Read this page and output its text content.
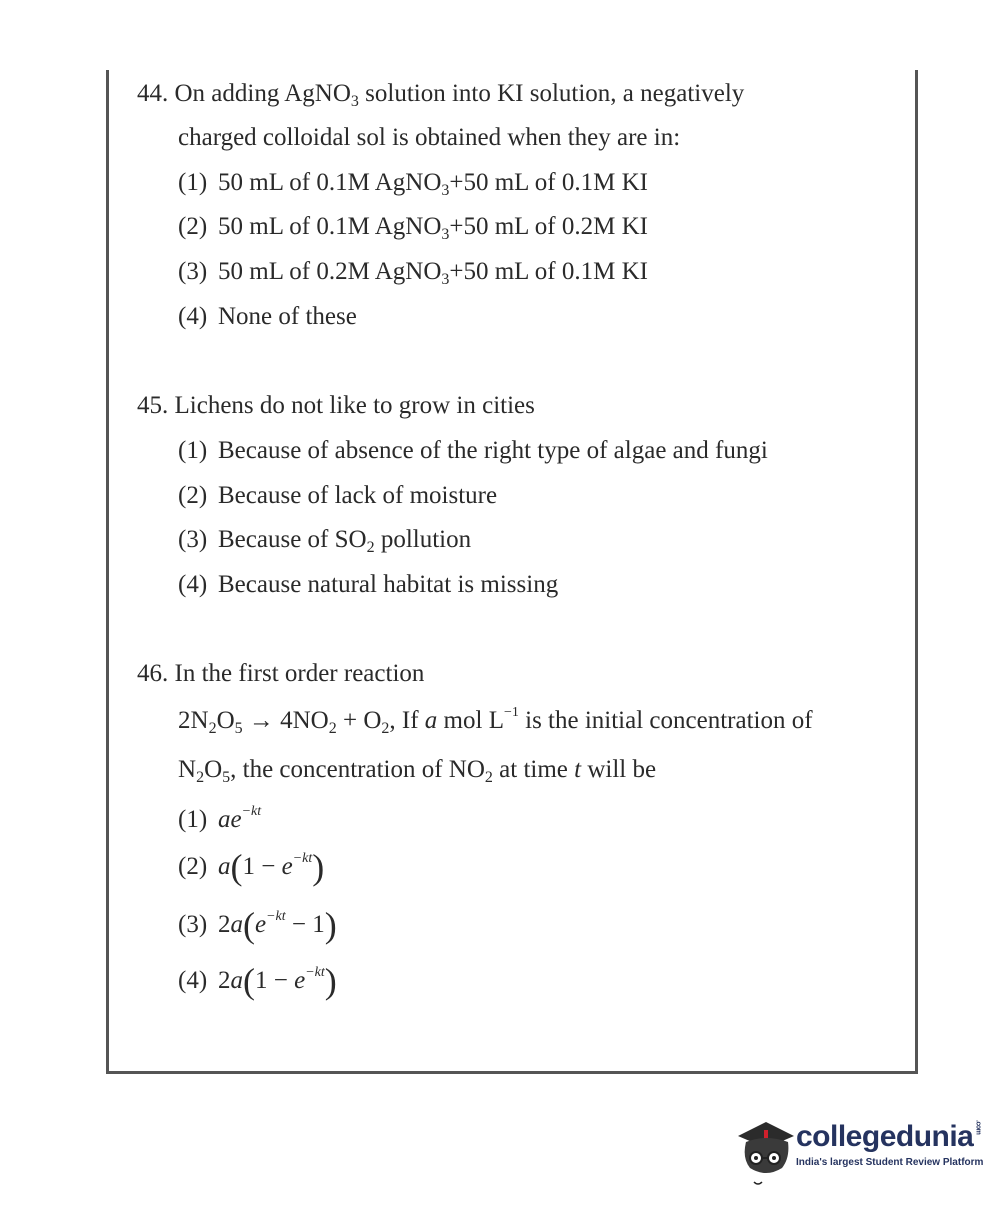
44. On adding AgNO$_3$ solution into KI solution, a negatively
charged colloidal sol is obtained when they are in:
(1) 50 mL of 0.1M AgNO$_3$+50 mL of 0.1M KI
(2) 50 mL of 0.1M AgNO$_3$+50 mL of 0.2M KI
(3) 50 mL of 0.2M AgNO$_3$+50 mL of 0.1M KI
(4) None of these
45. Lichens do not like to grow in cities
(1) Because of absence of the right type of algae and fungi
(2) Because of lack of moisture
(3) Because of $SO_2$ pollution
(4) Because natural habitat is missing
46. In the first order reaction
$2N_2O_5 \to 4NO_2 + O_2$, If a mol $L^{-1}$ is the initial concentration of
$N_2O_5$, the concentration of $NO_2$ at time t will be
(1) $ae^{-kt}$
(2) $a(1 - e^{-kt})$
(3) $2a(e^{-kt} - 1)$
(4) $2a(1 - e^{-kt})$
collegedunia.com
India's largest Student Review Platform
